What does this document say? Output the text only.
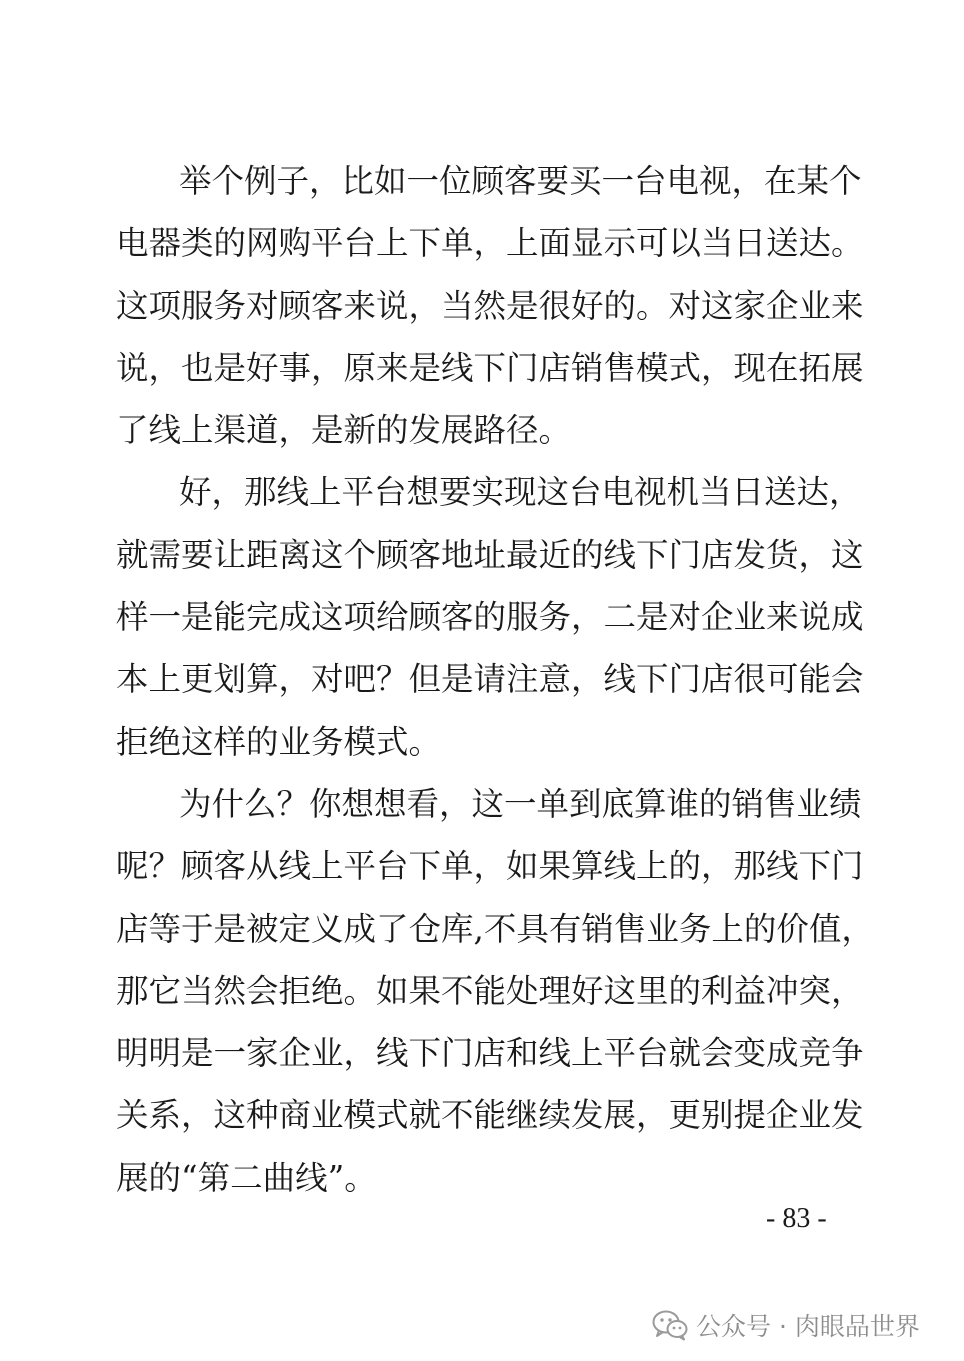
举个例子，比如一位顾客要买一台电视，在某个
电器类的网购平台上下单，上面显示可以当日送达。
这项服务对顾客来说，当然是很好的。对这家企业来
说，也是好事，原来是线下门店销售模式，现在拓展
了线上渠道，是新的发展路径。
好，那线上平台想要实现这台电视机当日送达，
就需要让距离这个顾客地址最近的线下门店发货，这
样一是能完成这项给顾客的服务，二是对企业来说成
本上更划算，对吧？但是请注意，线下门店很可能会
拒绝这样的业务模式。
为什么？你想想看，这一单到底算谁的销售业绩
呢？顾客从线上平台下单，如果算线上的，那线下门
店等于是被定义成了仓库,不具有销售业务上的价值，
那它当然会拒绝。如果不能处理好这里的利益冲突，
明明是一家企业，线下门店和线上平台就会变成竞争
关系，这种商业模式就不能继续发展，更别提企业发
展的“第二曲线”。
- 83 -
公众号 · 肉眼品世界
